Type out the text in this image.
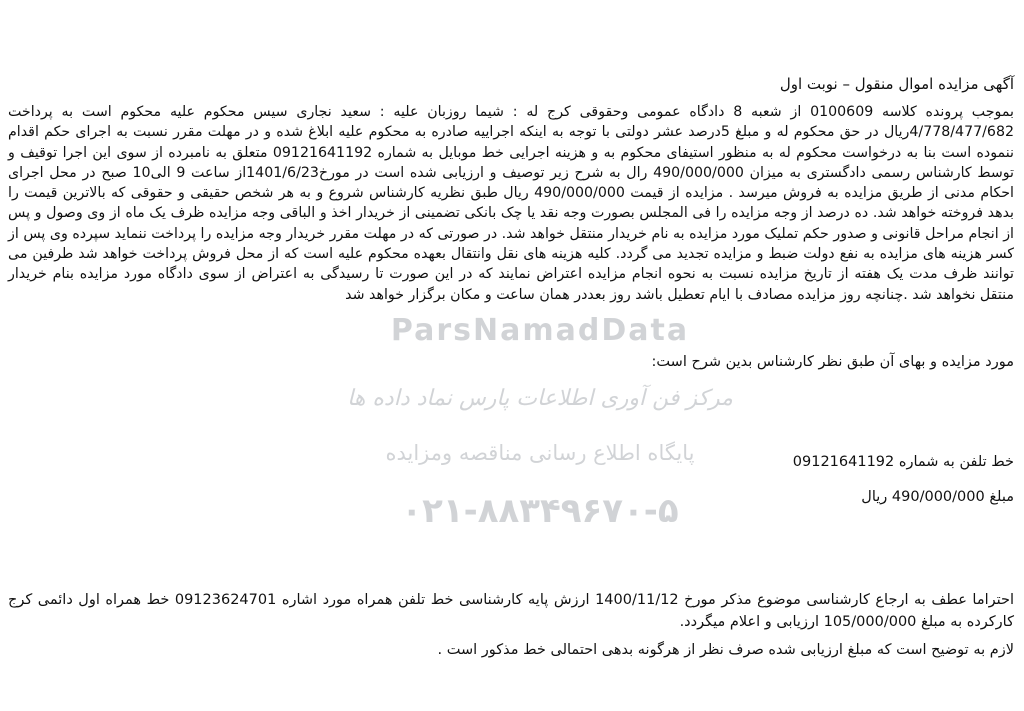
آگهی مزایده اموال منقول – نوبت اول
بموجب پرونده کلاسه 0100609 از شعبه 8 دادگاه عمومی وحقوقی کرج له : شیما روزبان علیه : سعید نجاری سیس محکوم علیه محکوم است به پرداخت 4/778/477/682ریال در حق محکوم له و مبلغ 5درصد عشر دولتی با توجه به اینکه اجراییه صادره به محکوم علیه ابلاغ شده و در مهلت مقرر نسبت به اجرای حکم اقدام ننموده است بنا به درخواست محکوم له به منظور استیفای محکوم به و هزینه اجرایی خط موبایل به شماره 09121641192 متعلق به نامبرده از سوی این اجرا توقیف و توسط کارشناس رسمی دادگستری به میزان 490/000/000 رال به شرح زیر توصیف و ارزیابی شده است در مورخ1401/6/23از ساعت 9 الی10 صبح در محل اجرای احکام مدنی از طریق مزایده به فروش میرسد . مزایده از قیمت 490/000/000 ریال طبق نظریه کارشناس شروع و به هر شخص حقیقی و حقوقی که بالاترین قیمت را بدهد فروخته خواهد شد. ده درصد از وجه مزایده را فی المجلس بصورت وجه نقد یا چک بانکی تضمینی از خریدار اخذ و الباقی وجه مزایده ظرف یک ماه از وی وصول و پس از انجام مراحل قانونی و صدور حکم تملیک مورد مزایده به نام خریدار منتقل خواهد شد. در صورتی که در مهلت مقرر خریدار وجه مزایده را پرداخت ننماید سپرده وی پس از کسر هزینه های مزایده به نفع دولت ضبط و مزایده تجدید می گردد. کلیه هزینه های نقل وانتقال بعهده محکوم علیه است که از محل فروش پرداخت خواهد شد طرفین می توانند ظرف مدت یک هفته از تاریخ مزایده نسبت به نحوه انجام مزایده اعتراض نمایند که در این صورت تا رسیدگی به اعتراض از سوی دادگاه مورد مزایده بنام خریدار منتقل نخواهد شد .چنانچه روز مزایده مصادف با ایام تعطیل باشد روز بعددر همان ساعت و مکان برگزار خواهد شد
مورد مزایده و بهای آن طبق نظر کارشناس بدین شرح است:
خط تلفن به شماره 09121641192
مبلغ 490/000/000 ریال
احتراما عطف به ارجاع کارشناسی موضوع مذکر مورخ 1400/11/12 ارزش پایه کارشناسی خط تلفن همراه مورد اشاره 09123624701 خط همراه اول دائمی کرج کارکرده به مبلغ 105/000/000 ارزیابی و اعلام میگردد.
لازم به توضیح است که مبلغ ارزیابی شده صرف نظر از هرگونه بدهی احتمالی خط مذکور است .
ParsNamadData
مرکز فن آوری اطلاعات پارس نماد داده ها
پایگاه اطلاع رسانی مناقصه ومزایده
۰۲۱-۸۸۳۴۹۶۷۰-۵
